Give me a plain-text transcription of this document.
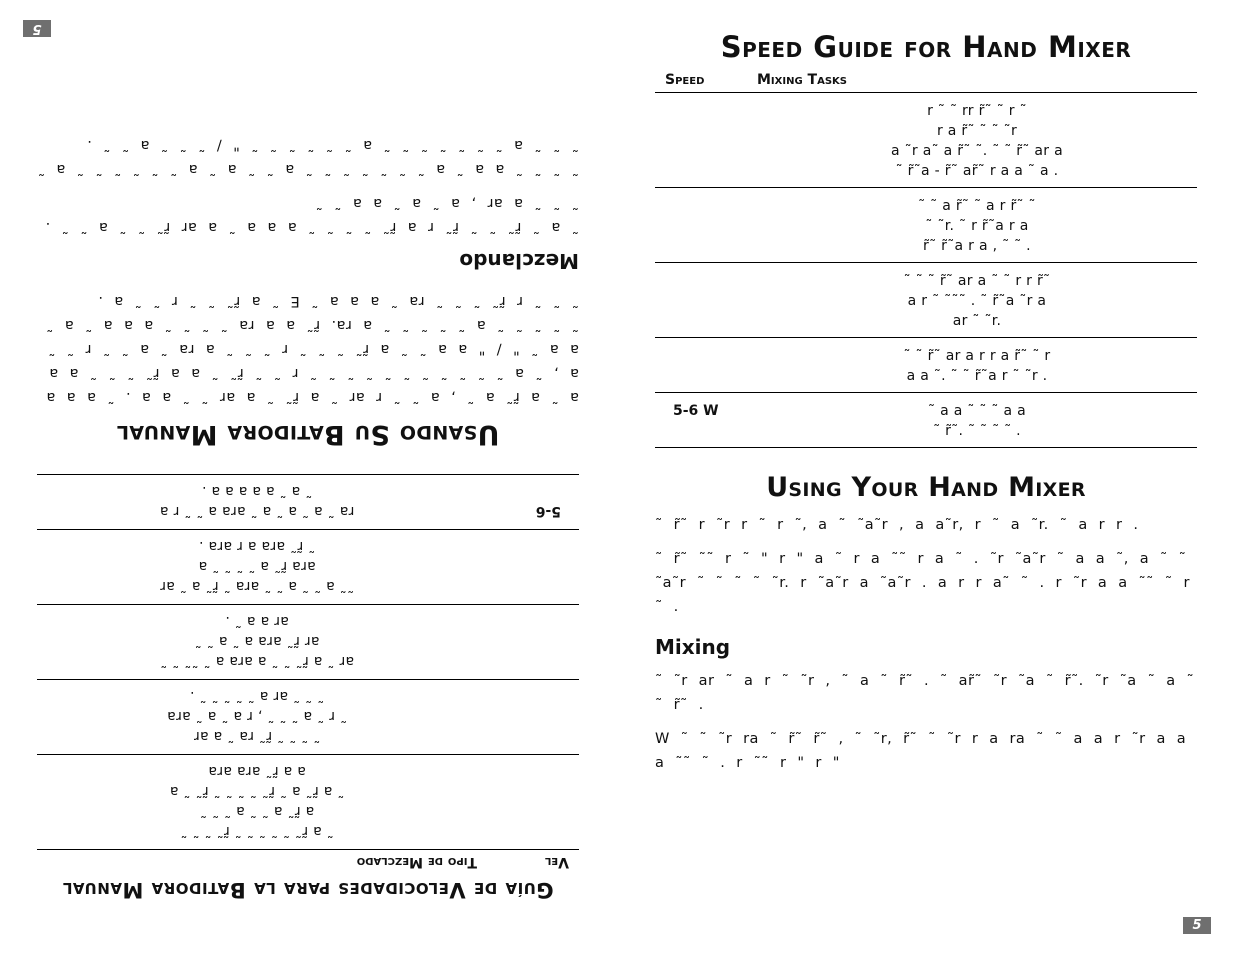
5
Guía de Velocidades para la Batidora Manual
Vel
Tipo de Mezclado
˜ a r̃˜ ˜ ˜ ˜ ˜ ˜ r̃˜ ˜ ˜ ˜
a r̃˜ a ˜ ˜ a ˜ ˜ ˜
˜ a r̃˜ a ˜ r̃˜ ˜ ˜ ˜ ˜ r̃˜ ˜ a
a a r̃˜ ara ara
˜ ˜ ˜ ˜ r̃˜ ra ˜ a ar
˜ r ˜ a ˜ ˜ ˜ , r a ˜ a ˜ ara
˜ ˜ ˜ ar a ˜ ˜ ˜ ˜ ˜ .
ar ˜ a r̃˜ ˜ ˜ a ara a ˜ ˜˜ ˜ ˜
ar r̃˜ ara a ˜ a ˜ ˜
ar a a ˜ .
˜˜ a ˜ ˜ a ˜ ˜ ara ˜ r̃˜ a ˜ ar
ara r̃˜ a ˜ ˜ ˜ ˜ a
˜ r̃˜ ara a r ara .
5-6
ra ˜ a ˜ a ˜ a ˜ ara a ˜ ˜ r a
˜ a ˜ a a a a a .
Usando Su Batidora Manual

a ˜ a r̃˜ a ˜ , a ˜ ˜ r ar ˜ a r̃˜ ˜ a ar ˜ ˜ a a . ˜ a a a a , ˜ a ˜ ˜ ˜ ˜ ˜ ˜ ˜ ˜ ˜ ˜ ˜ r ˜ ˜ r̃˜ ˜ a a r̃˜ ˜ ˜ ˜ a a a a ˜ " / " a a ˜ ˜ a r̃˜ ˜ ˜ ˜ r ˜ ˜ ˜ a ra ˜ a ˜ ˜ r ˜ ˜ ˜ ˜ ˜ ˜ ˜ a ˜ ˜ ˜ ˜ ˜ a ra. r̃˜ a a ra ˜ ˜ ˜ ˜ a a a ˜ a ˜ ˜ ˜ ˜ r r̃˜ ˜ ˜ ˜ ra ˜ a a a ˜ E ˜ a r̃˜ ˜ ˜ r ˜ ˜ a .

Mezclando

˜ a ˜ r̃˜ ˜ ˜ r̃˜ r a r̃˜ ˜ ˜ ˜ ˜ a a a ˜ a ar r̃˜ ˜ ˜ a ˜ ˜ . ˜ ˜ ˜ a ar , a ˜ a ˜ a a ˜ ˜

˜ ˜ ˜ ˜ a a ˜ a ˜ ˜ ˜ ˜ ˜ ˜ ˜ a ˜ ˜ a ˜ a ˜ ˜ ˜ ˜ ˜ ˜ a ˜ ˜ ˜ ˜ a ˜ ˜ ˜ ˜ ˜ ˜ ˜ a ˜ ˜ ˜ ˜ ˜ ˜ " / ˜ ˜ ˜ a ˜ ˜ .

Speed Guide for Hand Mixer
Speed	Mixing Tasks
r ˜ ˜ rr r̃˜ ˜ r ˜
r a r̃˜ ˜ ˜ ˜r
a ˜r a˜ a r̃˜ ˜. ˜ ˜ r̃˜ ar a
˜ r̃˜a - r̃˜ ar̃˜ r a a ˜ a .
˜ ˜ a r̃˜ ˜ a r r̃˜ ˜
˜ ˜r. ˜ r r̃˜a r a
r̃˜ r̃˜a r a , ˜ ˜ .
˜ ˜ ˜ r̃˜ ar a ˜ ˜ r r r̃˜
a r ˜ ˜˜˜ . ˜ r̃˜a ˜r a
ar ˜ ˜r.
˜ ˜ r̃˜ ar a r r a r̃˜ ˜ r
a a ˜. ˜ ˜ r̃˜a r ˜ ˜r .
5-6 W	˜ a a ˜ ˜ ˜ a a
˜ r̃˜. ˜ ˜ ˜ ˜ .
Using Your Hand Mixer

˜ r̃˜ r ˜r r ˜ r ˜, a ˜ ˜a˜r , a a˜r, r ˜ a ˜r. ˜ a r r .

˜ r̃˜ ˜˜ r ˜ " r " a ˜ r a ˜˜ r a ˜ . ˜r ˜a˜r ˜ a a ˜, a ˜ ˜ ˜a˜r ˜ ˜ ˜ ˜ ˜r. r ˜a˜r a ˜a˜r . a r r a˜ ˜ . r ˜r a a ˜˜ ˜ r ˜ .

Mixing

˜ ˜r ar ˜ a r ˜ ˜r , ˜ a ˜ r̃˜ . ˜ ar̃˜ ˜r ˜a ˜ r̃˜. ˜r ˜a ˜ a ˜ ˜ r̃˜ .

W ˜ ˜ ˜r ra ˜ r̃˜ r̃˜ , ˜ ˜r, r̃˜ ˜ ˜r r a ra ˜ ˜ a a r ˜r a a a ˜˜ ˜ . r ˜˜ r " r "

5
